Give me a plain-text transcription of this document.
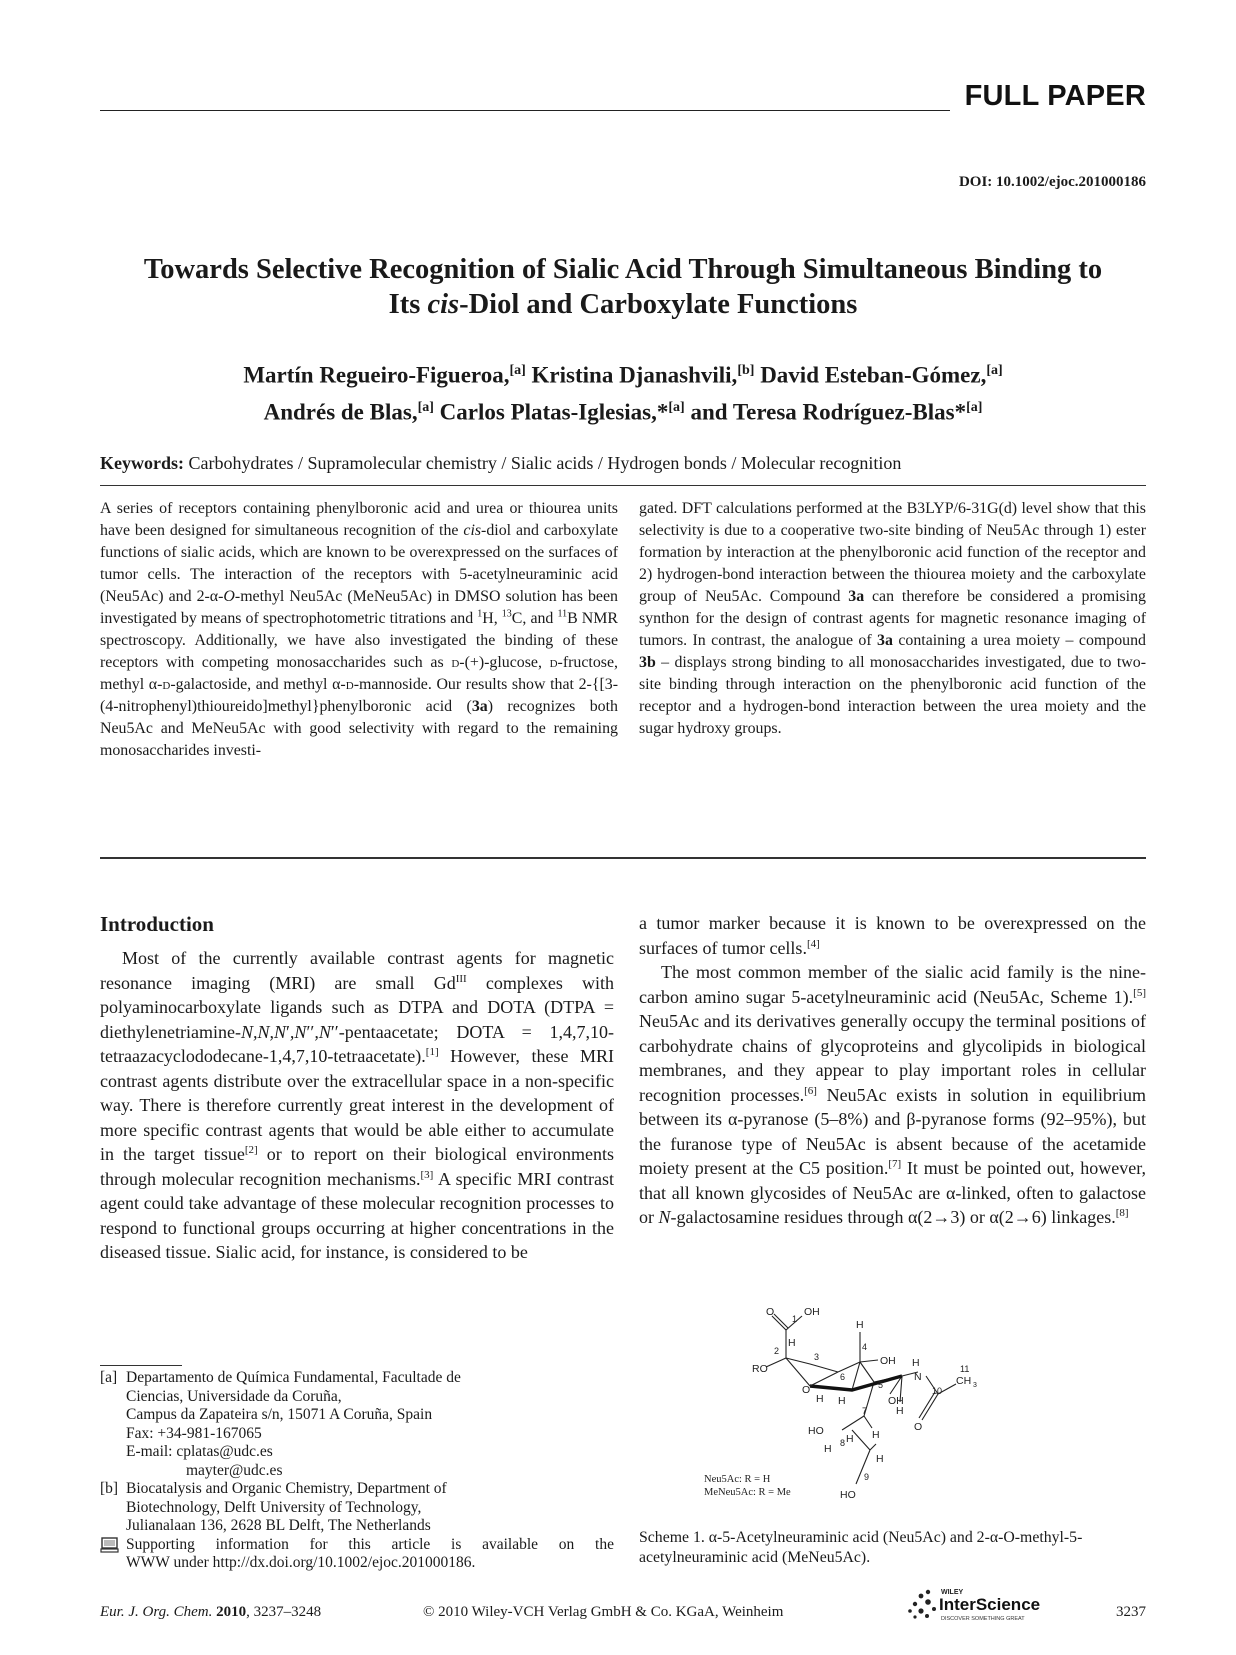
FULL PAPER
DOI: 10.1002/ejoc.201000186
Towards Selective Recognition of Sialic Acid Through Simultaneous Binding to
Its cis-Diol and Carboxylate Functions
Martín Regueiro-Figueroa,[a] Kristina Djanashvili,[b] David Esteban-Gómez,[a]
Andrés de Blas,[a] Carlos Platas-Iglesias,*[a] and Teresa Rodríguez-Blas*[a]
Keywords: Carbohydrates / Supramolecular chemistry / Sialic acids / Hydrogen bonds / Molecular recognition
A series of receptors containing phenylboronic acid and urea or thiourea units have been designed for simultaneous recognition of the cis-diol and carboxylate functions of sialic acids, which are known to be overexpressed on the surfaces of tumor cells. The interaction of the receptors with 5-acetylneuraminic acid (Neu5Ac) and 2-α-O-methyl Neu5Ac (MeNeu5Ac) in DMSO solution has been investigated by means of spectrophotometric titrations and $^1$H, $^{13}$C, and $^{11}$B NMR spectroscopy. Additionally, we have also investigated the binding of these receptors with competing monosaccharides such as d-(+)-glucose, d-fructose, methyl α-d-galactoside, and methyl α-d-mannoside. Our results show that 2-{[3-(4-nitrophenyl)thioureido]methyl}phenylboronic acid (3a) recognizes both Neu5Ac and MeNeu5Ac with good selectivity with regard to the remaining monosaccharides investi-
gated. DFT calculations performed at the B3LYP/6-31G(d) level show that this selectivity is due to a cooperative two-site binding of Neu5Ac through 1) ester formation by interaction at the phenylboronic acid function of the receptor and 2) hydrogen-bond interaction between the thiourea moiety and the carboxylate group of Neu5Ac. Compound 3a can therefore be considered a promising synthon for the design of contrast agents for magnetic resonance imaging of tumors. In contrast, the analogue of 3a containing a urea moiety – compound 3b – displays strong binding to all monosaccharides investigated, due to two-site binding through interaction on the phenylboronic acid function of the receptor and a hydrogen-bond interaction between the urea moiety and the sugar hydroxy groups.
Introduction

Most of the currently available contrast agents for magnetic resonance imaging (MRI) are small $Gd^{III}$ complexes with polyaminocarboxylate ligands such as DTPA and DOTA (DTPA = diethylenetriamine-N,N,N′,N′′,N′′-pentaacetate; DOTA = 1,4,7,10-tetraazacyclododecane-1,4,7,10-tetraacetate).[1] However, these MRI contrast agents distribute over the extracellular space in a non-specific way. There is therefore currently great interest in the development of more specific contrast agents that would be able either to accumulate in the target tissue[2] or to report on their biological environments through molecular recognition mechanisms.[3] A specific MRI contrast agent could take advantage of these molecular recognition processes to respond to functional groups occurring at higher concentrations in the diseased tissue. Sialic acid, for instance, is considered to be

a tumor marker because it is known to be overexpressed on the surfaces of tumor cells.[4]

The most common member of the sialic acid family is the nine-carbon amino sugar 5-acetylneuraminic acid (Neu5Ac, Scheme 1).[5] Neu5Ac and its derivatives generally occupy the terminal positions of carbohydrate chains of glycoproteins and glycolipids in biological membranes, and they appear to play important roles in cellular recognition processes.[6] Neu5Ac exists in solution in equilibrium between its α-pyranose (5–8%) and β-pyranose forms (92–95%), but the furanose type of Neu5Ac is absent because of the acetamide moiety present at the C5 position.[7] It must be pointed out, however, that all known glycosides of Neu5Ac are α-linked, often to galactose or N-galactosamine residues through α(2→3) or α(2→6) linkages.[8]

[a] Departamento de Química Fundamental, Facultade de
Ciencias, Universidade da Coruña,
Campus da Zapateira s/n, 15071 A Coruña, Spain
Fax: +34-981-167065
E-mail: cplatas@udc.es
mayter@udc.es
[b] Biocatalysis and Organic Chemistry, Department of
Biotechnology, Delft University of Technology,
Julianalaan 136, 2628 BL Delft, The Netherlands
Supporting information for this article is available on the
WWW under http://dx.doi.org/10.1002/ejoc.201000186.
O	OH
RO
O
OH
OH
HO
HO
N
H
O
CH 3
H
H
H
H
H
H
H
H
H
1
2
3
4
5
6
7
8
9
10
11
Neu5Ac: R = H
MeNeu5Ac: R = Me
Scheme 1. α-5-Acetylneuraminic acid (Neu5Ac) and 2-α-O-methyl-5-acetylneuraminic acid (MeNeu5Ac).
Eur. J. Org. Chem. 2010, 3237–3248	© 2010 Wiley-VCH Verlag GmbH & Co. KGaA, Weinheim
WILEY
InterScience
DISCOVER SOMETHING GREAT	3237
